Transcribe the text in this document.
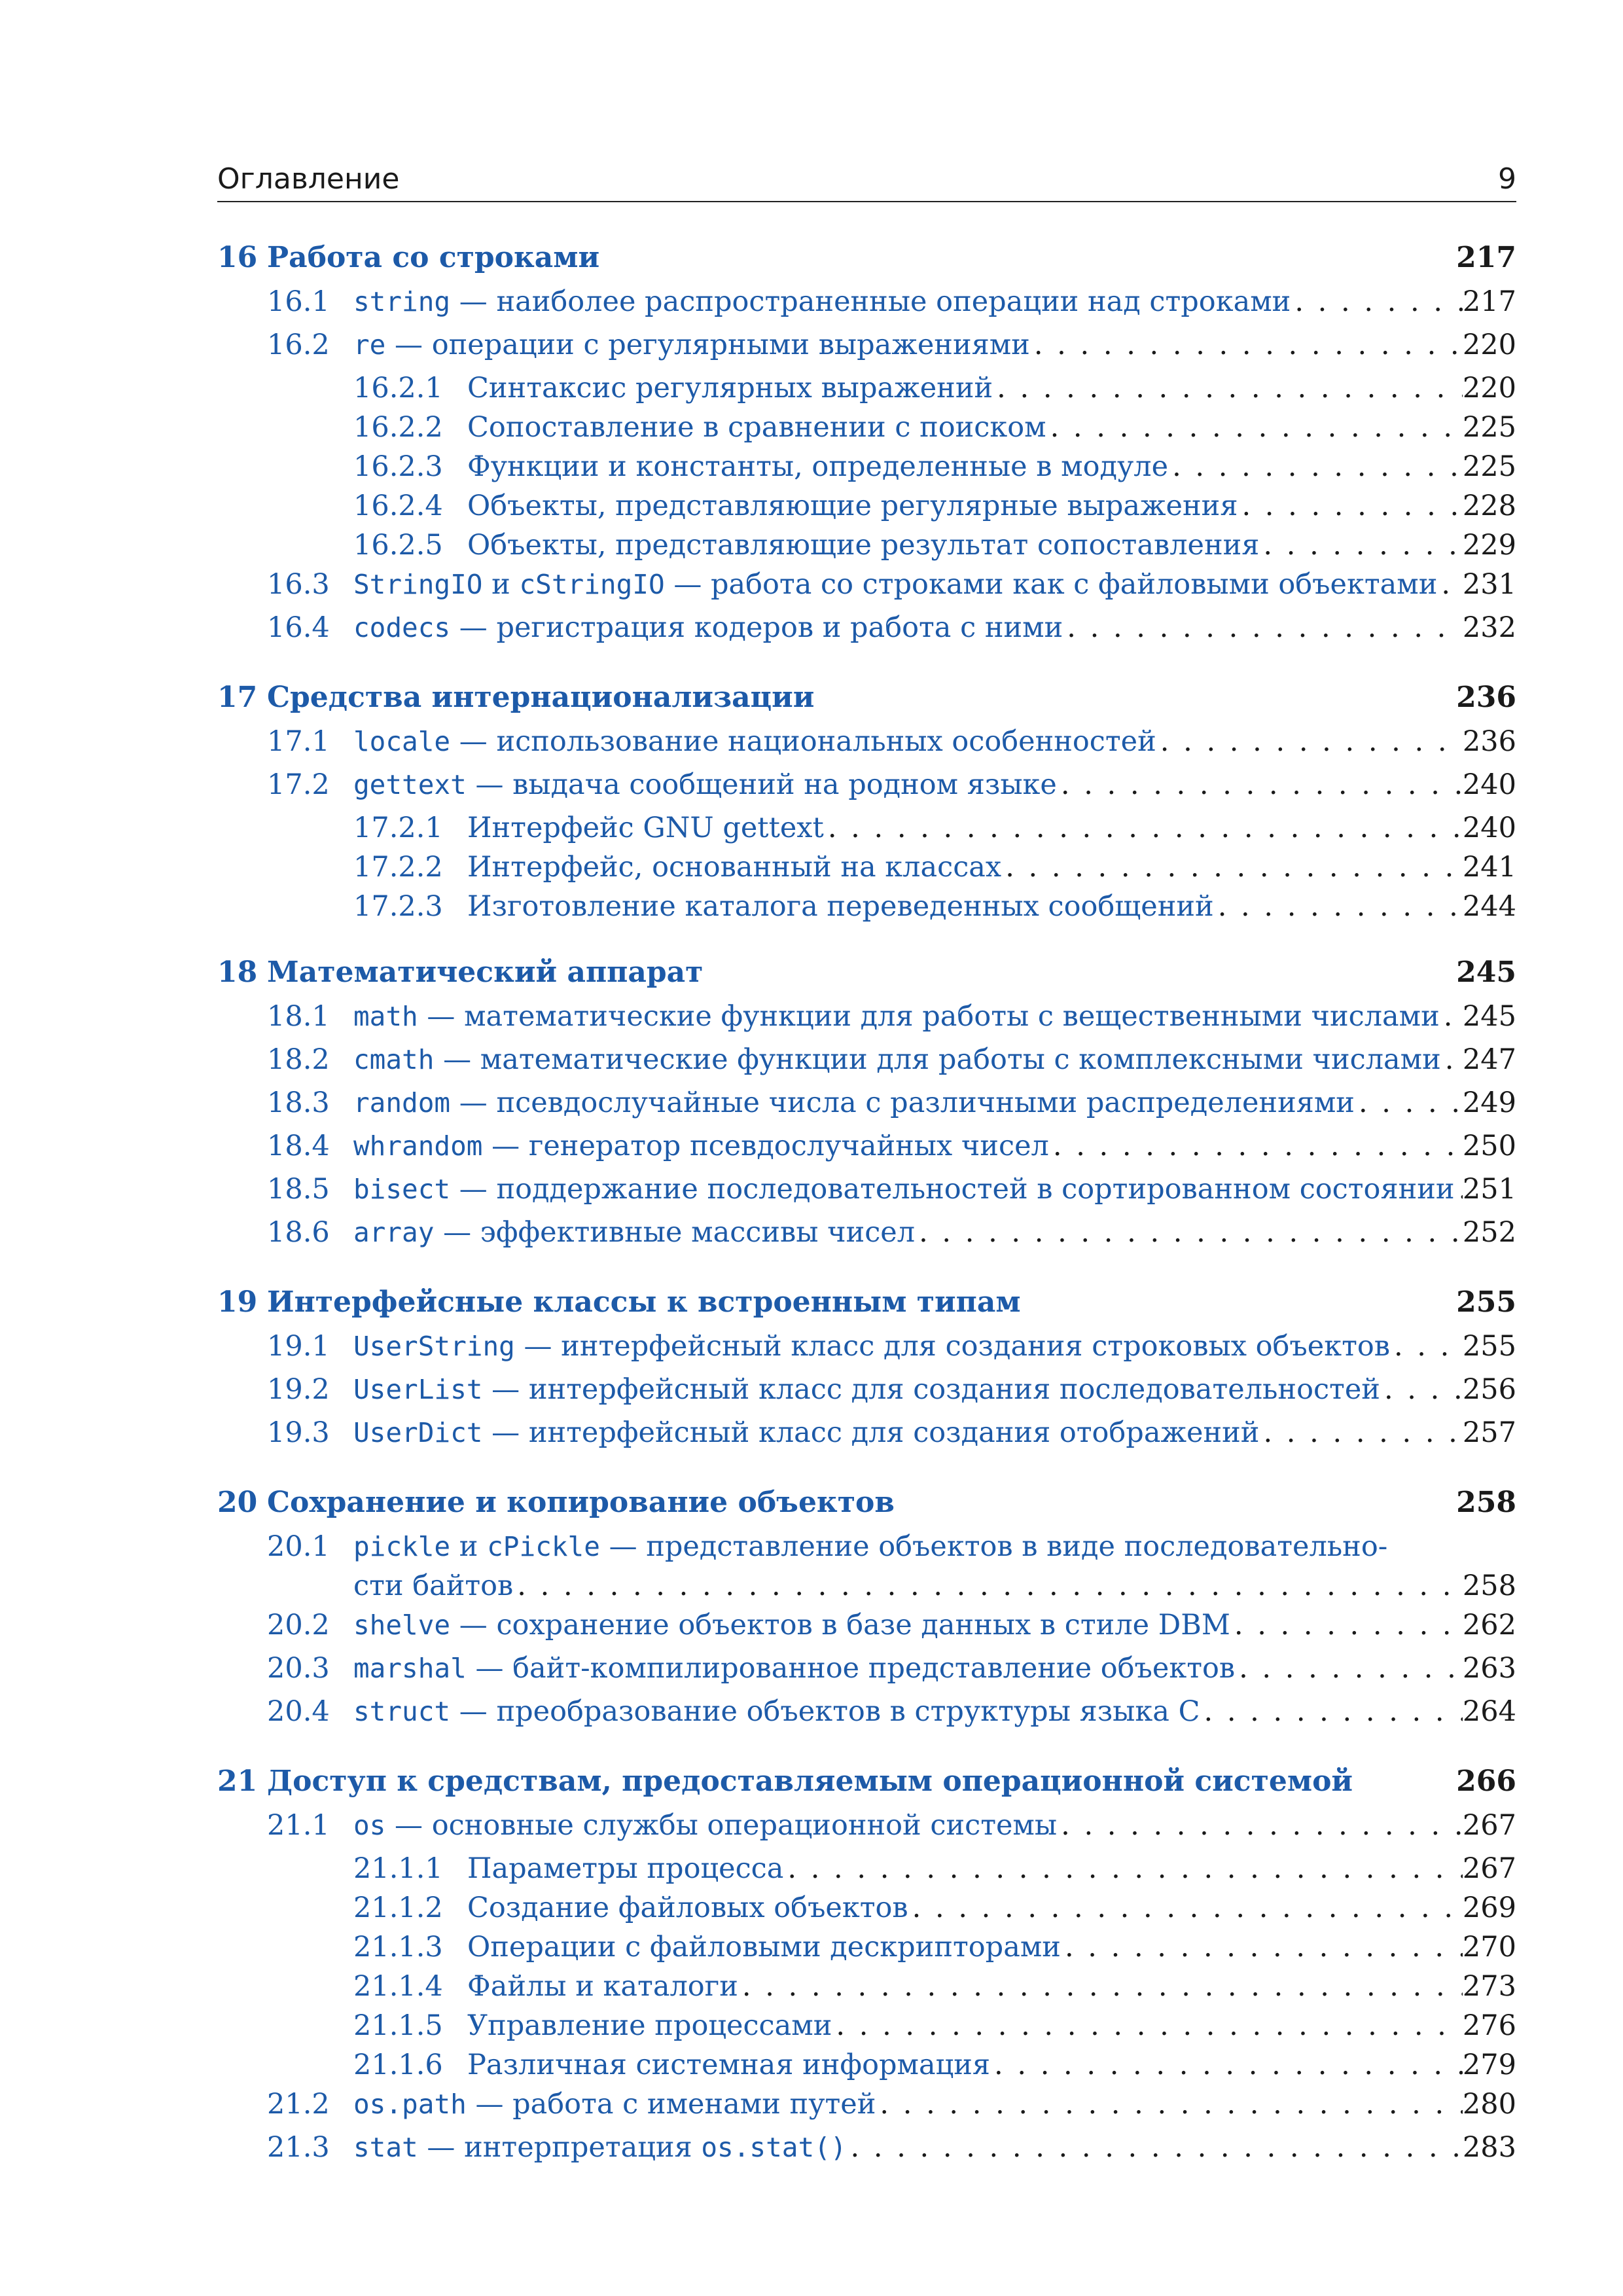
Оглавление	9
16 Работа со строками	217
16.1 string — наиболее распространенные операции над строками . . .	217
16.2 re — операции с регулярными выражениями . . .	220
16.2.1 Синтаксис регулярных выражений . . .	220
16.2.2 Сопоставление в сравнении с поиском . . .	225
16.2.3 Функции и константы, определенные в модуле . . .	225
16.2.4 Объекты, представляющие регулярные выражения . . .	228
16.2.5 Объекты, представляющие результат сопоставления . . .	229
16.3 StringIO и cStringIO — работа со строками как с файловыми объектами . . . 231
16.4 codecs — регистрация кодеров и работа с ними . . .	232
17 Средства интернационализации	236
17.1 locale — использование национальных особенностей . . .	236
17.2 gettext — выдача сообщений на родном языке . . .	240
17.2.1 Интерфейс GNU gettext . . .	240
17.2.2 Интерфейс, основанный на классах . . .	241
17.2.3 Изготовление каталога переведенных сообщений . . .	244
18 Математический аппарат	245
18.1 math — математические функции для работы с вещественными числами . . . 245
18.2 cmath — математические функции для работы с комплексными числами . . . 247
18.3 random — псевдослучайные числа с различными распределениями . . .	249
18.4 whrandom — генератор псевдослучайных чисел . . .	250
18.5 bisect — поддержание последовательностей в сортированном состоянии . . . 251
18.6 array — эффективные массивы чисел . . .	252
19 Интерфейсные классы к встроенным типам	255
19.1 UserString — интерфейсный класс для создания строковых объектов . . .	255
19.2 UserList — интерфейсный класс для создания последовательностей . . .	256
19.3 UserDict — интерфейсный класс для создания отображений . . .	257
20 Сохранение и копирование объектов	258
20.1 pickle и cPickle — представление объектов в виде последовательно-
сти байтов . . .	258
20.2 shelve — сохранение объектов в базе данных в стиле DBM . . .	262
20.3 marshal — байт-компилированное представление объектов . . .	263
20.4 struct — преобразование объектов в структуры языка C . . .	264
21 Доступ к средствам, предоставляемым операционной системой	266
21.1 os — основные службы операционной системы . . .	267
21.1.1 Параметры процесса . . .	267
21.1.2 Создание файловых объектов . . .	269
21.1.3 Операции с файловыми дескрипторами . . .	270
21.1.4 Файлы и каталоги . . .	273
21.1.5 Управление процессами . . .	276
21.1.6 Различная системная информация . . .	279
21.2 os.path — работа с именами путей . . .	280
21.3 stat — интерпретация os.stat() . . .	283
